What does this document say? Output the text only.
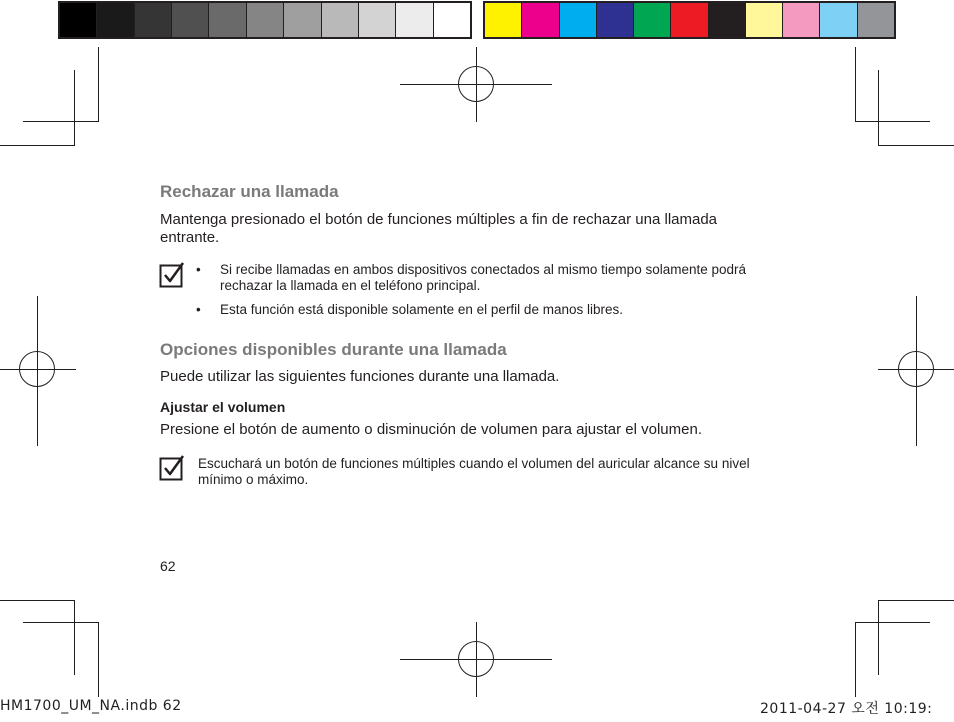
Rechazar una llamada
Mantenga presionado el botón de funciones múltiples a fin de rechazar una llamada entrante.
•	Si recibe llamadas en ambos dispositivos conectados al mismo tiempo solamente podrá rechazar la llamada en el teléfono principal.
•	Esta función está disponible solamente en el perfil de manos libres.
Opciones disponibles durante una llamada
Puede utilizar las siguientes funciones durante una llamada.
Ajustar el volumen
Presione el botón de aumento o disminución de volumen para ajustar el volumen.
Escuchará un botón de funciones múltiples cuando el volumen del auricular alcance su nivel mínimo o máximo.
62
HM1700_UM_NA.indb 62	2011-04-27 오전 10:19:
